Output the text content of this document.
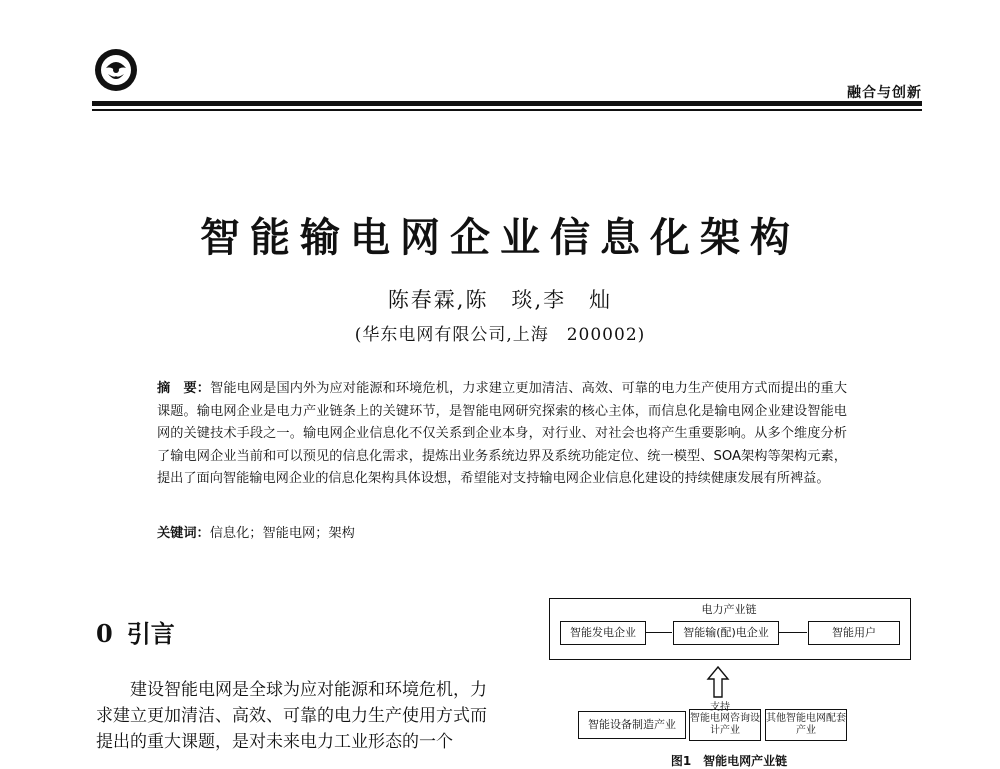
融合与创新
智能输电网企业信息化架构
陈春霖,陈　琰,李　灿
(华东电网有限公司,上海　200002)
摘　要：智能电网是国内外为应对能源和环境危机，力求建立更加清洁、高效、可靠的电力生产使用方式而提出的重大课题。输电网企业是电力产业链条上的关键环节，是智能电网研究探索的核心主体，而信息化是输电网企业建设智能电网的关键技术手段之一。输电网企业信息化不仅关系到企业本身，对行业、对社会也将产生重要影响。从多个维度分析了输电网企业当前和可以预见的信息化需求，提炼出业务系统边界及系统功能定位、统一模型、SOA架构等架构元素，提出了面向智能输电网企业的信息化架构具体设想，希望能对支持输电网企业信息化建设的持续健康发展有所裨益。
关键词：信息化；智能电网；架构
0 引言
建设智能电网是全球为应对能源和环境危机，力求建立更加清洁、高效、可靠的电力生产使用方式而提出的重大课题，是对未来电力工业形态的一个
电力产业链
智能发电企业	智能输(配)电企业	智能用户
支持
智能设备制造产业	智能电网咨询设计产业
其他智能电网配套产业
图1　智能电网产业链
